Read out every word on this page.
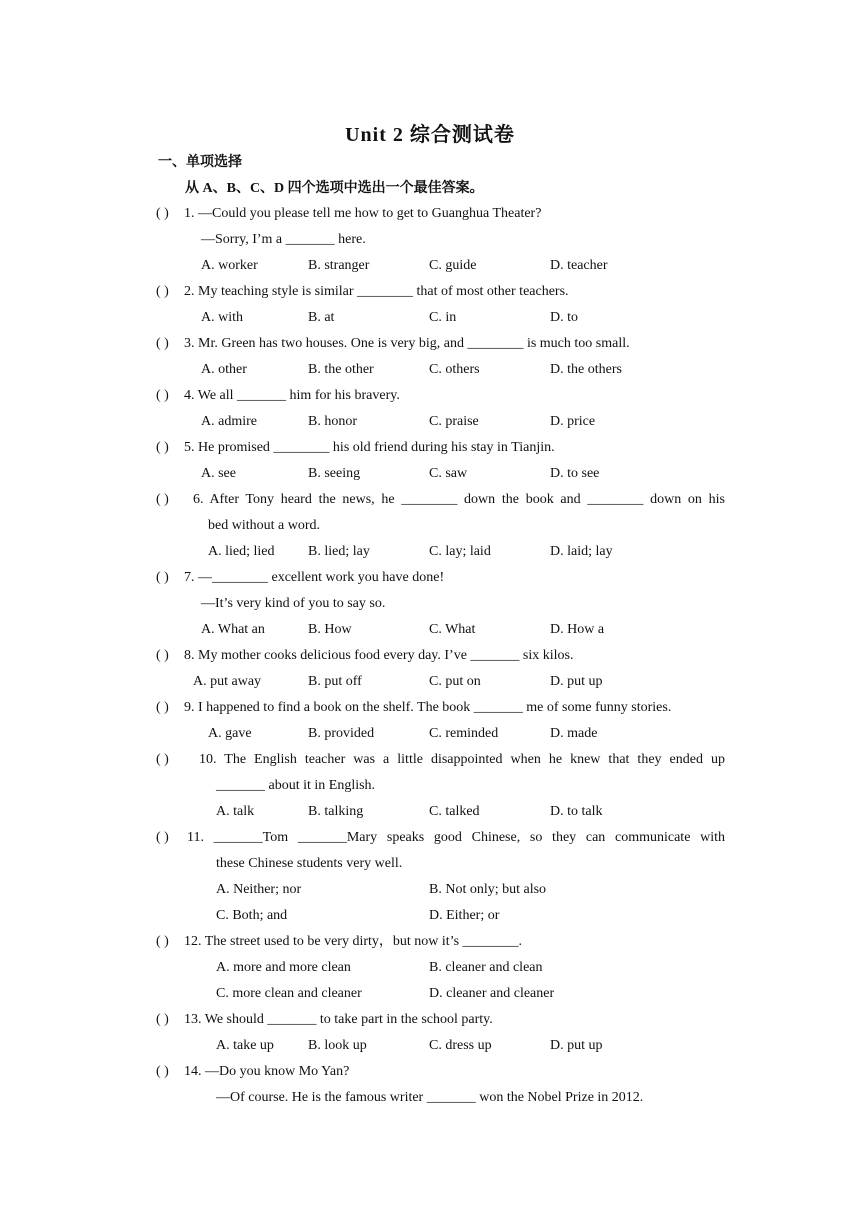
Unit 2 综合测试卷
一、单项选择
从 A、B、C、D 四个选项中选出一个最佳答案。
( ) 1. —Could you please tell me how to get to Guanghua Theater?
—Sorry, I’m a _______ here.
A. worker	B. stranger	C. guide	D. teacher
( ) 2. My teaching style is similar ________ that of most other teachers.
A. with	B. at	C. in	D. to
( ) 3. Mr. Green has two houses. One is very big, and ________ is much too small.
A. other	B. the other	C. others	D. the others
( ) 4. We all _______ him for his bravery.
A. admire	B. honor	C. praise	D. price
( ) 5. He promised ________ his old friend during his stay in Tianjin.
A. see	B. seeing	C. saw	D. to see
( ) 6. After Tony heard the news, he ________ down the book and ________ down on his
bed without a word.
A. lied; lied B. lied; lay	C. lay; laid	D. laid; lay
( ) 7. —________ excellent work you have done!
—It’s very kind of you to say so.
A. What an	B. How	C. What	D. How a
( ) 8. My mother cooks delicious food every day. I’ve _______ six kilos.
A. put away	B. put off	C. put on	D. put up
( ) 9. I happened to find a book on the shelf. The book _______ me of some funny stories.
A. gave	B. provided	C. reminded	D. made
( ) 10. The English teacher was a little disappointed when he knew that they ended up
_______ about it in English.
A. talk	B. talking	C. talked	D. to talk
( ) 11. _______Tom _______Mary speaks good Chinese, so they can communicate with
these Chinese students very well.
A. Neither; nor	B. Not only; but also
C. Both; and	D. Either; or
( ) 12. The street used to be very dirty，but now it’s ________.
A. more and more clean	B. cleaner and clean
C. more clean and cleaner	D. cleaner and cleaner
( ) 13. We should _______ to take part in the school party.
A. take up B. look up	C. dress up	D. put up
( ) 14. —Do you know Mo Yan?
—Of course. He is the famous writer _______ won the Nobel Prize in 2012.
